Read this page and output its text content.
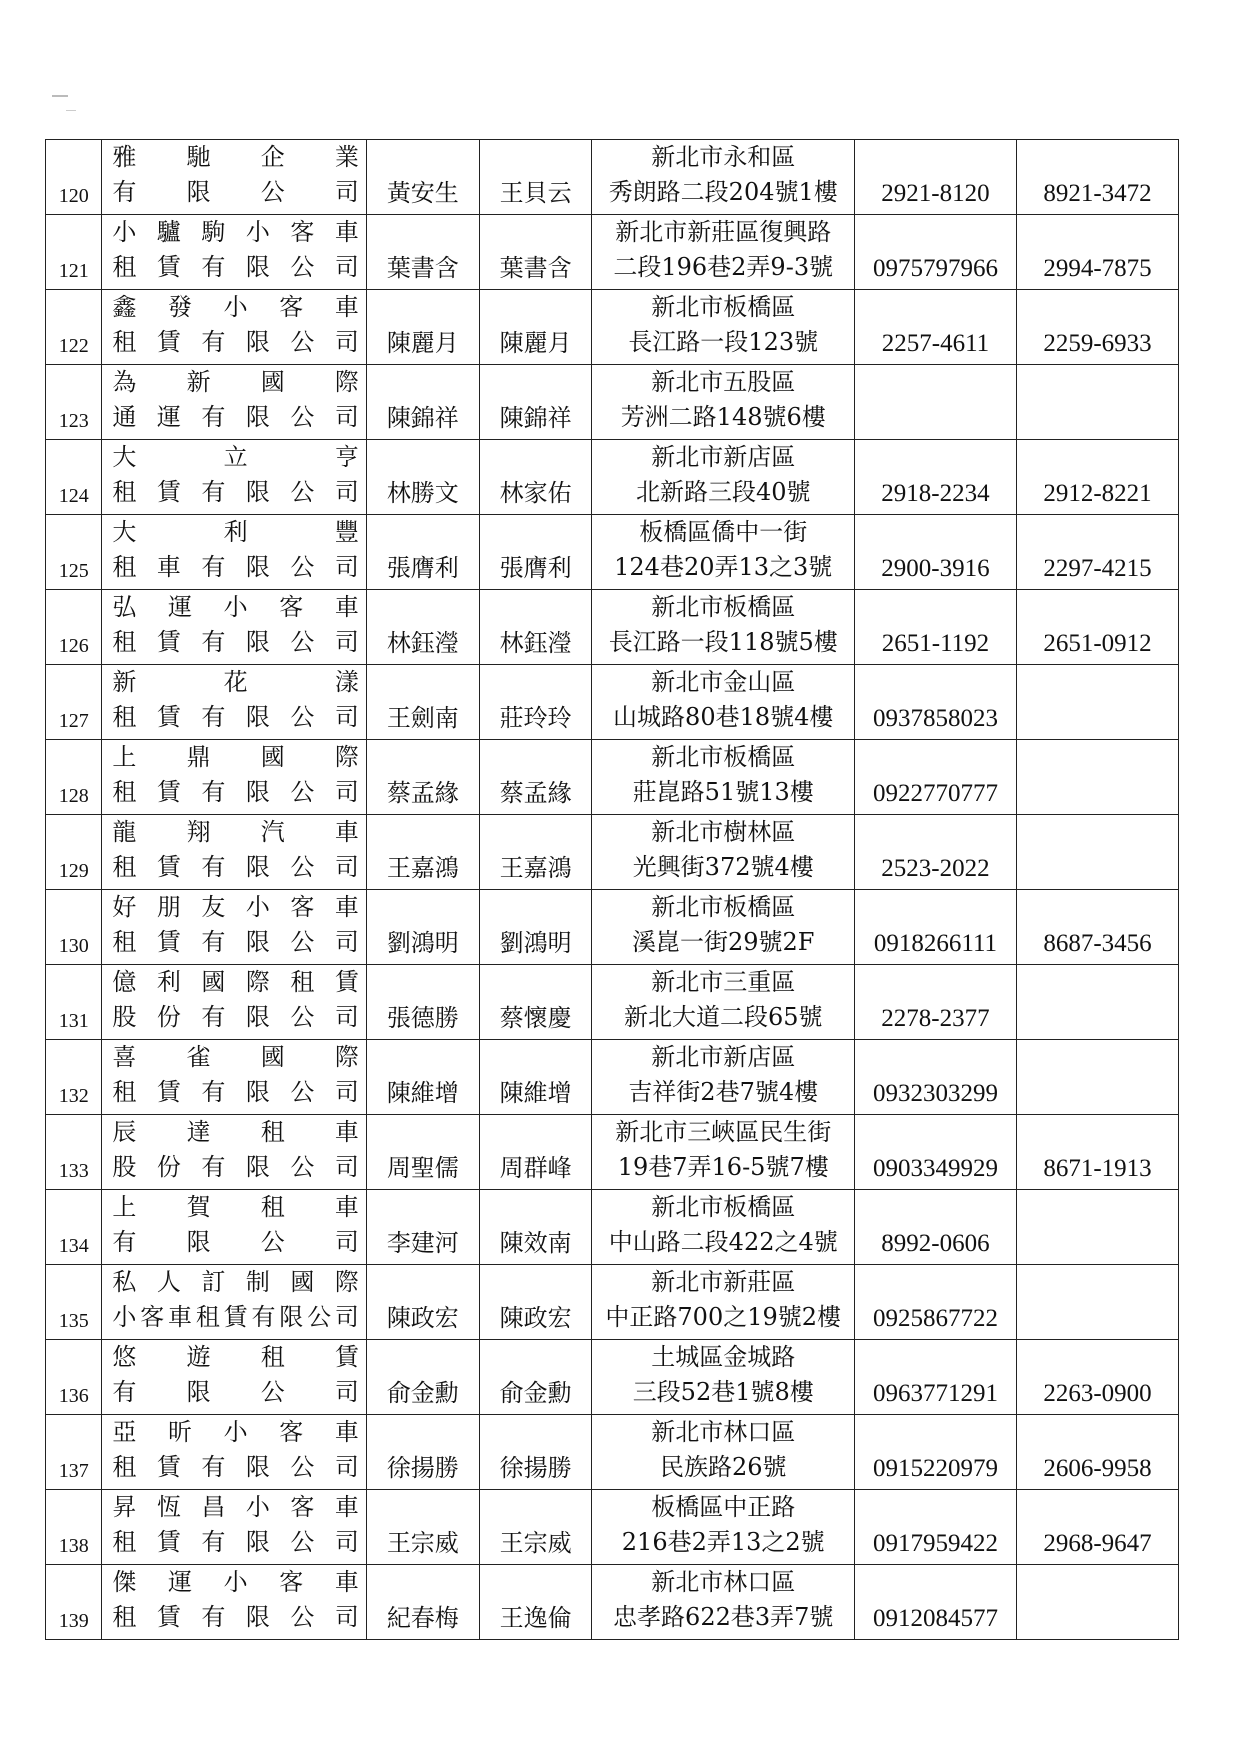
120	雅馳企業
有限公司	黃安生	王貝云	新北市永和區
秀朗路二段204號1樓	2921-8120	8921-3472
121	小驢駒小客車
租賃有限公司	葉書含	葉書含	新北市新莊區復興路
二段196巷2弄9-3號	0975797966	2994-7875
122	鑫發小客車
租賃有限公司	陳麗月	陳麗月	新北市板橋區
長江路一段123號	2257-4611	2259-6933
123	為新國際
通運有限公司	陳錦祥	陳錦祥	新北市五股區
芳洲二路148號6樓		

124	大立亨
租賃有限公司	林勝文	林家佑	新北市新店區
北新路三段40號	2918-2234	2912-8221
125	大利豐
租車有限公司	張膺利	張膺利	板橋區僑中一街
124巷20弄13之3號	2900-3916	2297-4215
126	弘運小客車
租賃有限公司	林鈺瀅	林鈺瀅	新北市板橋區
長江路一段118號5樓	2651-1192	2651-0912
127	新花漾
租賃有限公司	王劍南	莊玲玲	新北市金山區
山城路80巷18號4樓	0937858023	
128	上鼎國際
租賃有限公司	蔡孟緣	蔡孟緣	新北市板橋區
莊崑路51號13樓	0922770777	
129	龍翔汽車
租賃有限公司	王嘉鴻	王嘉鴻	新北市樹林區
光興街372號4樓	2523-2022	
130	好朋友小客車
租賃有限公司	劉鴻明	劉鴻明	新北市板橋區
溪崑一街29號2F	0918266111	8687-3456
131	億利國際租賃
股份有限公司	張德勝	蔡懷慶	新北市三重區
新北大道二段65號	2278-2377	
132	喜雀國際
租賃有限公司	陳維增	陳維增	新北市新店區
吉祥街2巷7號4樓	0932303299	
133	辰達租車
股份有限公司	周聖儒	周群峰	新北市三峽區民生街
19巷7弄16-5號7樓	0903349929	8671-1913
134	上賀租車
有限公司	李建河	陳效南	新北市板橋區
中山路二段422之4號	8992-0606	
135	私人訂制國際
小客車租賃有限公司	陳政宏	陳政宏	新北市新莊區
中正路700之19號2樓	0925867722	
136	悠遊租賃
有限公司	俞金勳	俞金勳	土城區金城路
三段52巷1號8樓	0963771291	2263-0900
137	亞昕小客車
租賃有限公司	徐揚勝	徐揚勝	新北市林口區
民族路26號	0915220979	2606-9958
138	昇恆昌小客車
租賃有限公司	王宗威	王宗威	板橋區中正路
216巷2弄13之2號	0917959422	2968-9647
139	傑運小客車
租賃有限公司	紀春梅	王逸倫	新北市林口區
忠孝路622巷3弄7號	0912084577	
